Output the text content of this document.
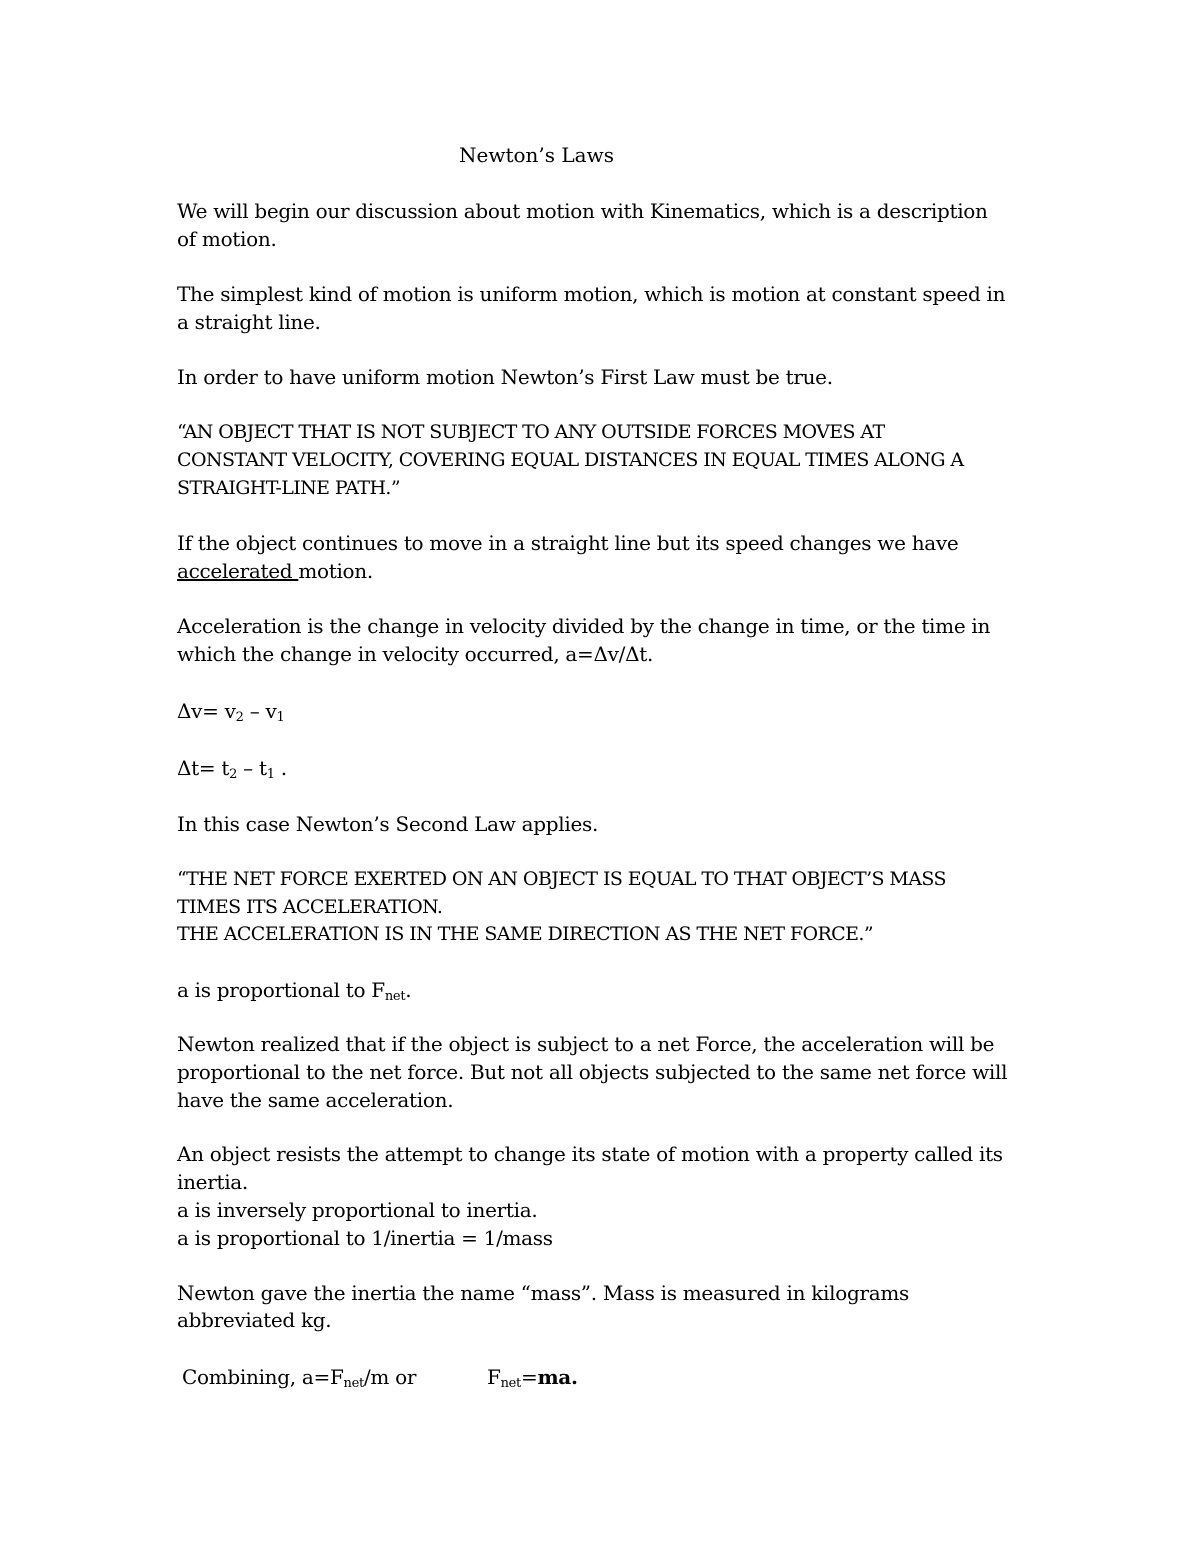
Newton’s Laws
We will begin our discussion about motion with Kinematics, which is a description
of motion.
The simplest kind of motion is uniform motion, which is motion at constant speed in
a straight line.
In order to have uniform motion Newton’s First Law must be true.
“AN OBJECT THAT IS NOT SUBJECT TO ANY OUTSIDE FORCES MOVES AT
CONSTANT VELOCITY, COVERING EQUAL DISTANCES IN EQUAL TIMES ALONG A
STRAIGHT-LINE PATH.”
If the object continues to move in a straight line but its speed changes we have
accelerated motion.
Acceleration is the change in velocity divided by the change in time, or the time in
which the change in velocity occurred, a=Δv/Δt.
$\Delta v= v_2 - v_1$
$\Delta t= t_2 - t_1$ .
In this case Newton’s Second Law applies.
“THE NET FORCE EXERTED ON AN OBJECT IS EQUAL TO THAT OBJECT’S MASS
TIMES ITS ACCELERATION.
THE ACCELERATION IS IN THE SAME DIRECTION AS THE NET FORCE.”
a is proportional to $F_{net}$.
Newton realized that if the object is subject to a net Force, the acceleration will be
proportional to the net force. But not all objects subjected to the same net force will
have the same acceleration.
An object resists the attempt to change its state of motion with a property called its
inertia.
a is inversely proportional to inertia.
a is proportional to 1/inertia = 1/mass
Newton gave the inertia the name “mass”. Mass is measured in kilograms
abbreviated kg.
Combining, $a=F_{net}/m$ or	$F_{net}=ma$.
